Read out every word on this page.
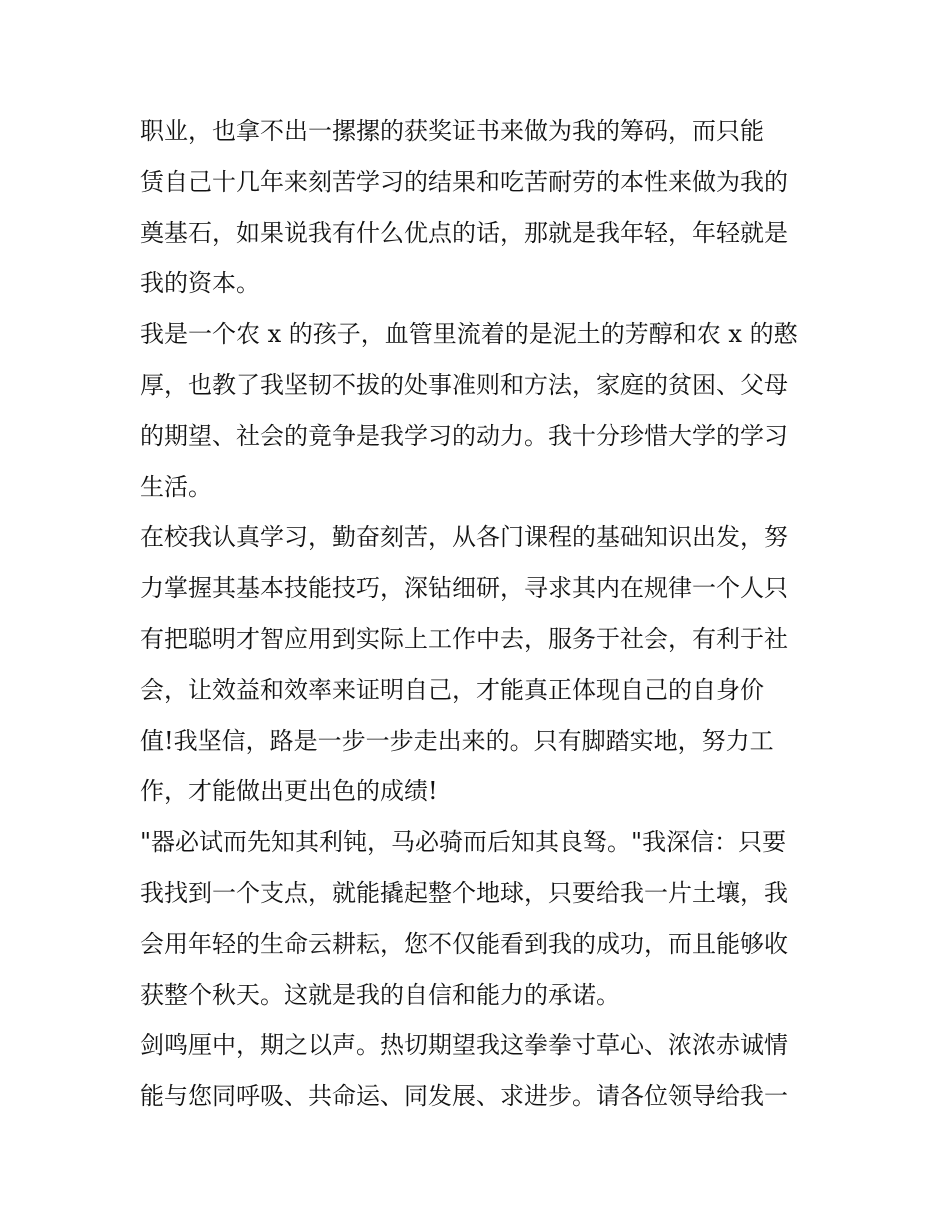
职业，也拿不出一摞摞的获奖证书来做为我的筹码，而只能
赁自己十几年来刻苦学习的结果和吃苦耐劳的本性来做为我的
奠基石，如果说我有什么优点的话，那就是我年轻，年轻就是
我的资本。
我是一个农 x 的孩子，血管里流着的是泥土的芳醇和农 x 的憨
厚，也教了我坚韧不拔的处事准则和方法，家庭的贫困、父母
的期望、社会的竟争是我学习的动力。我十分珍惜大学的学习
生活。
在校我认真学习，勤奋刻苦，从各门课程的基础知识出发，努
力掌握其基本技能技巧，深钻细研，寻求其内在规律一个人只
有把聪明才智应用到实际上工作中去，服务于社会，有利于社
会，让效益和效率来证明自己，才能真正体现自己的自身价
值!我坚信，路是一步一步走出来的。只有脚踏实地，努力工
作，才能做出更出色的成绩!
"器必试而先知其利钝，马必骑而后知其良驽。"我深信：只要
我找到一个支点，就能撬起整个地球，只要给我一片土壤，我
会用年轻的生命云耕耘，您不仅能看到我的成功，而且能够收
获整个秋天。这就是我的自信和能力的承诺。
剑鸣厘中，期之以声。热切期望我这拳拳寸草心、浓浓赤诚情
能与您同呼吸、共命运、同发展、求进步。请各位领导给我一
